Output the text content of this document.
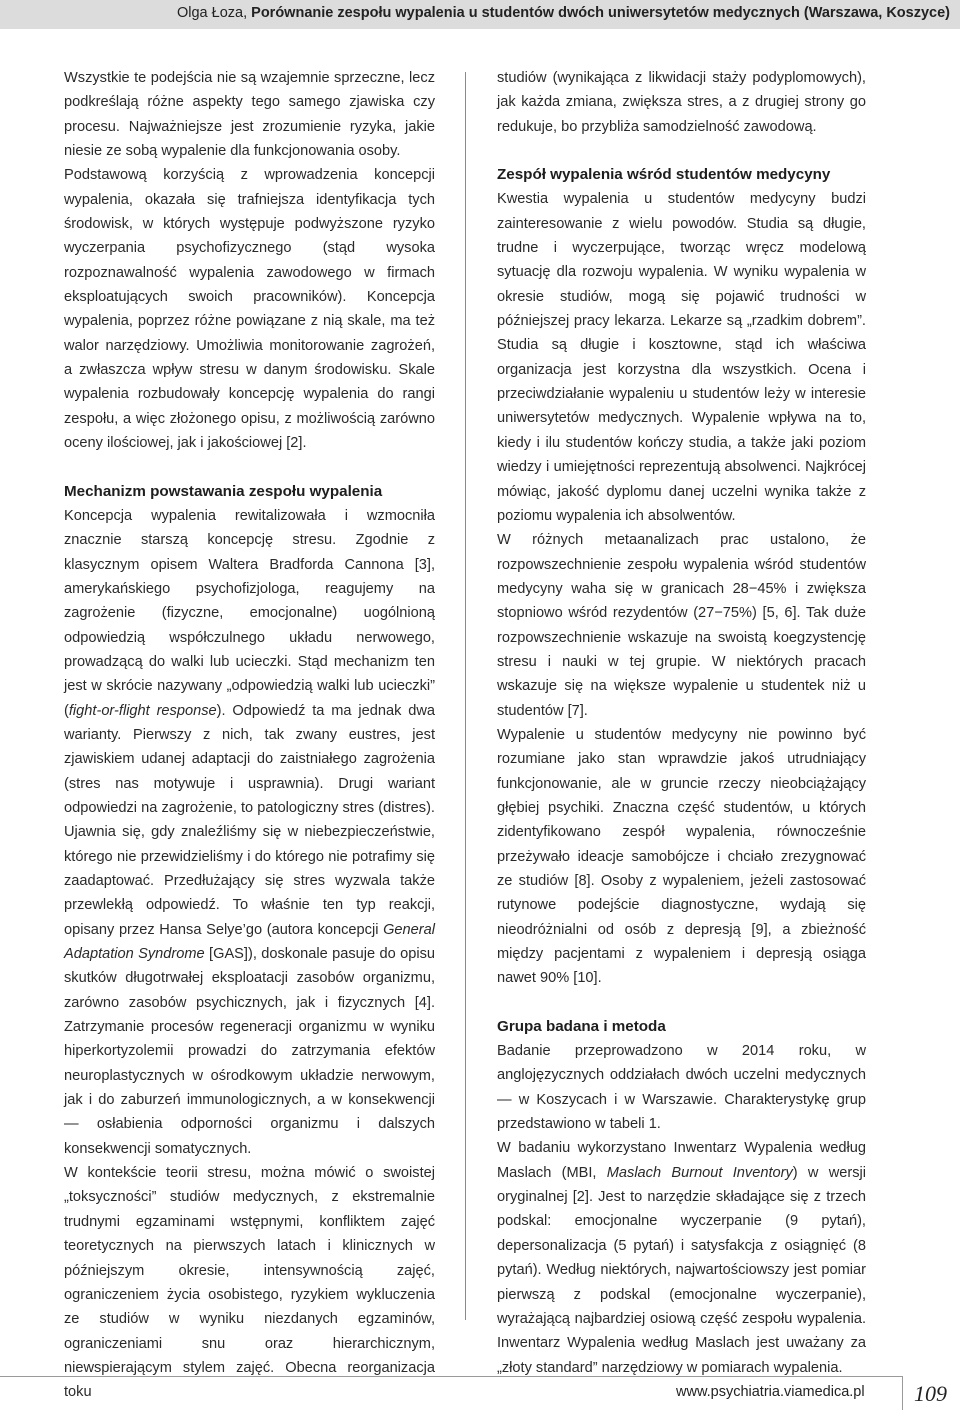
Olga Łoza, Porównanie zespołu wypalenia u studentów dwóch uniwersytetów medycznych (Warszawa, Koszyce)

Wszystkie te podejścia nie są wzajemnie sprzeczne, lecz podkreślają różne aspekty tego samego zjawiska czy procesu. Najważniejsze jest zrozumienie ryzyka, jakie niesie ze sobą wypalenie dla funkcjonowania osoby.

Podstawową korzyścią z wprowadzenia koncepcji wypalenia, okazała się trafniejsza identyfikacja tych środowisk, w których występuje podwyższone ryzyko wyczerpania psychofizycznego (stąd wysoka rozpoznawalność wypalenia zawodowego w firmach eksploatujących swoich pracowników). Koncepcja wypalenia, poprzez różne powiązane z nią skale, ma też walor narzędziowy. Umożliwia monitorowanie zagrożeń, a zwłaszcza wpływ stresu w danym środowisku. Skale wypalenia rozbudowały koncepcję wypalenia do rangi zespołu, a więc złożonego opisu, z możliwością zarówno oceny ilościowej, jak i jakościowej [2].

Mechanizm powstawania zespołu wypalenia

Koncepcja wypalenia rewitalizowała i wzmocniła znacznie starszą koncepcję stresu. Zgodnie z klasycznym opisem Waltera Bradforda Cannona [3], amerykańskiego psychofizjologa, reagujemy na zagrożenie (fizyczne, emocjonalne) uogólnioną odpowiedzią współczulnego układu nerwowego, prowadzącą do walki lub ucieczki. Stąd mechanizm ten jest w skrócie nazywany „odpowiedzią walki lub ucieczki” (fight-or-flight response). Odpowiedź ta ma jednak dwa warianty. Pierwszy z nich, tak zwany eustres, jest zjawiskiem udanej adaptacji do zaistniałego zagrożenia (stres nas motywuje i usprawnia). Drugi wariant odpowiedzi na zagrożenie, to patologiczny stres (distres). Ujawnia się, gdy znaleźliśmy się w niebezpieczeństwie, którego nie przewidzieliśmy i do którego nie potrafimy się zaadaptować. Przedłużający się stres wyzwala także przewlekłą odpowiedź. To właśnie ten typ reakcji, opisany przez Hansa Selye’go (autora koncepcji General Adaptation Syndrome [GAS]), doskonale pasuje do opisu skutków długotrwałej eksploatacji zasobów organizmu, zarówno zasobów psychicznych, jak i fizycznych [4]. Zatrzymanie procesów regeneracji organizmu w wyniku hiperkortyzolemii prowadzi do zatrzymania efektów neuroplastycznych w ośrodkowym układzie nerwowym, jak i do zaburzeń immunologicznych, a w konsekwencji — osłabienia odporności organizmu i dalszych konsekwencji somatycznych.

W kontekście teorii stresu, można mówić o swoistej „toksyczności” studiów medycznych, z ekstremalnie trudnymi egzaminami wstępnymi, konfliktem zajęć teoretycznych na pierwszych latach i klinicznych w późniejszym okresie, intensywnością zajęć, ograniczeniem życia osobistego, ryzykiem wykluczenia ze studiów w wyniku niezdanych egzaminów, ograniczeniami snu oraz hierarchicznym, niewspierającym stylem zajęć. Obecna reorganizacja toku

studiów (wynikająca z likwidacji staży podyplomowych), jak każda zmiana, zwiększa stres, a z drugiej strony go redukuje, bo przybliża samodzielność zawodową.

Zespół wypalenia wśród studentów medycyny

Kwestia wypalenia u studentów medycyny budzi zainteresowanie z wielu powodów. Studia są długie, trudne i wyczerpujące, tworząc wręcz modelową sytuację dla rozwoju wypalenia. W wyniku wypalenia w okresie studiów, mogą się pojawić trudności w późniejszej pracy lekarza. Lekarze są „rzadkim dobrem”. Studia są długie i kosztowne, stąd ich właściwa organizacja jest korzystna dla wszystkich. Ocena i przeciwdziałanie wypaleniu u studentów leży w interesie uniwersytetów medycznych. Wypalenie wpływa na to, kiedy i ilu studentów kończy studia, a także jaki poziom wiedzy i umiejętności reprezentują absolwenci. Najkrócej mówiąc, jakość dyplomu danej uczelni wynika także z poziomu wypalenia ich absolwentów.

W różnych metaanalizach prac ustalono, że rozpowszechnienie zespołu wypalenia wśród studentów medycyny waha się w granicach 28−45% i zwiększa stopniowo wśród rezydentów (27−75%) [5, 6]. Tak duże rozpowszechnienie wskazuje na swoistą koegzystencję stresu i nauki w tej grupie. W niektórych pracach wskazuje się na większe wypalenie u studentek niż u studentów [7].

Wypalenie u studentów medycyny nie powinno być rozumiane jako stan wprawdzie jakoś utrudniający funkcjonowanie, ale w gruncie rzeczy nieobciążający głębiej psychiki. Znaczna część studentów, u których zidentyfikowano zespół wypalenia, równocześnie przeżywało ideacje samobójcze i chciało zrezygnować ze studiów [8]. Osoby z wypaleniem, jeżeli zastosować rutynowe podejście diagnostyczne, wydają się nieodróżnialni od osób z depresją [9], a zbieżność między pacjentami z wypaleniem i depresją osiąga nawet 90% [10].

Grupa badana i metoda

Badanie przeprowadzono w 2014 roku, w anglojęzycznych oddziałach dwóch uczelni medycznych — w Koszycach i w Warszawie. Charakterystykę grup przedstawiono w tabeli 1.

W badaniu wykorzystano Inwentarz Wypalenia według Maslach (MBI, Maslach Burnout Inventory) w wersji oryginalnej [2]. Jest to narzędzie składające się z trzech podskal: emocjonalne wyczerpanie (9 pytań), depersonalizacja (5 pytań) i satysfakcja z osiągnięć (8 pytań). Według niektórych, najwartościowszy jest pomiar pierwszą z podskal (emocjonalne wyczerpanie), wyrażającą najbardziej osiową część zespołu wypalenia. Inwentarz Wypalenia według Maslach jest uważany za „złoty standard” narzędziowy w pomiarach wypalenia.

www.psychiatria.viamedica.pl 109
